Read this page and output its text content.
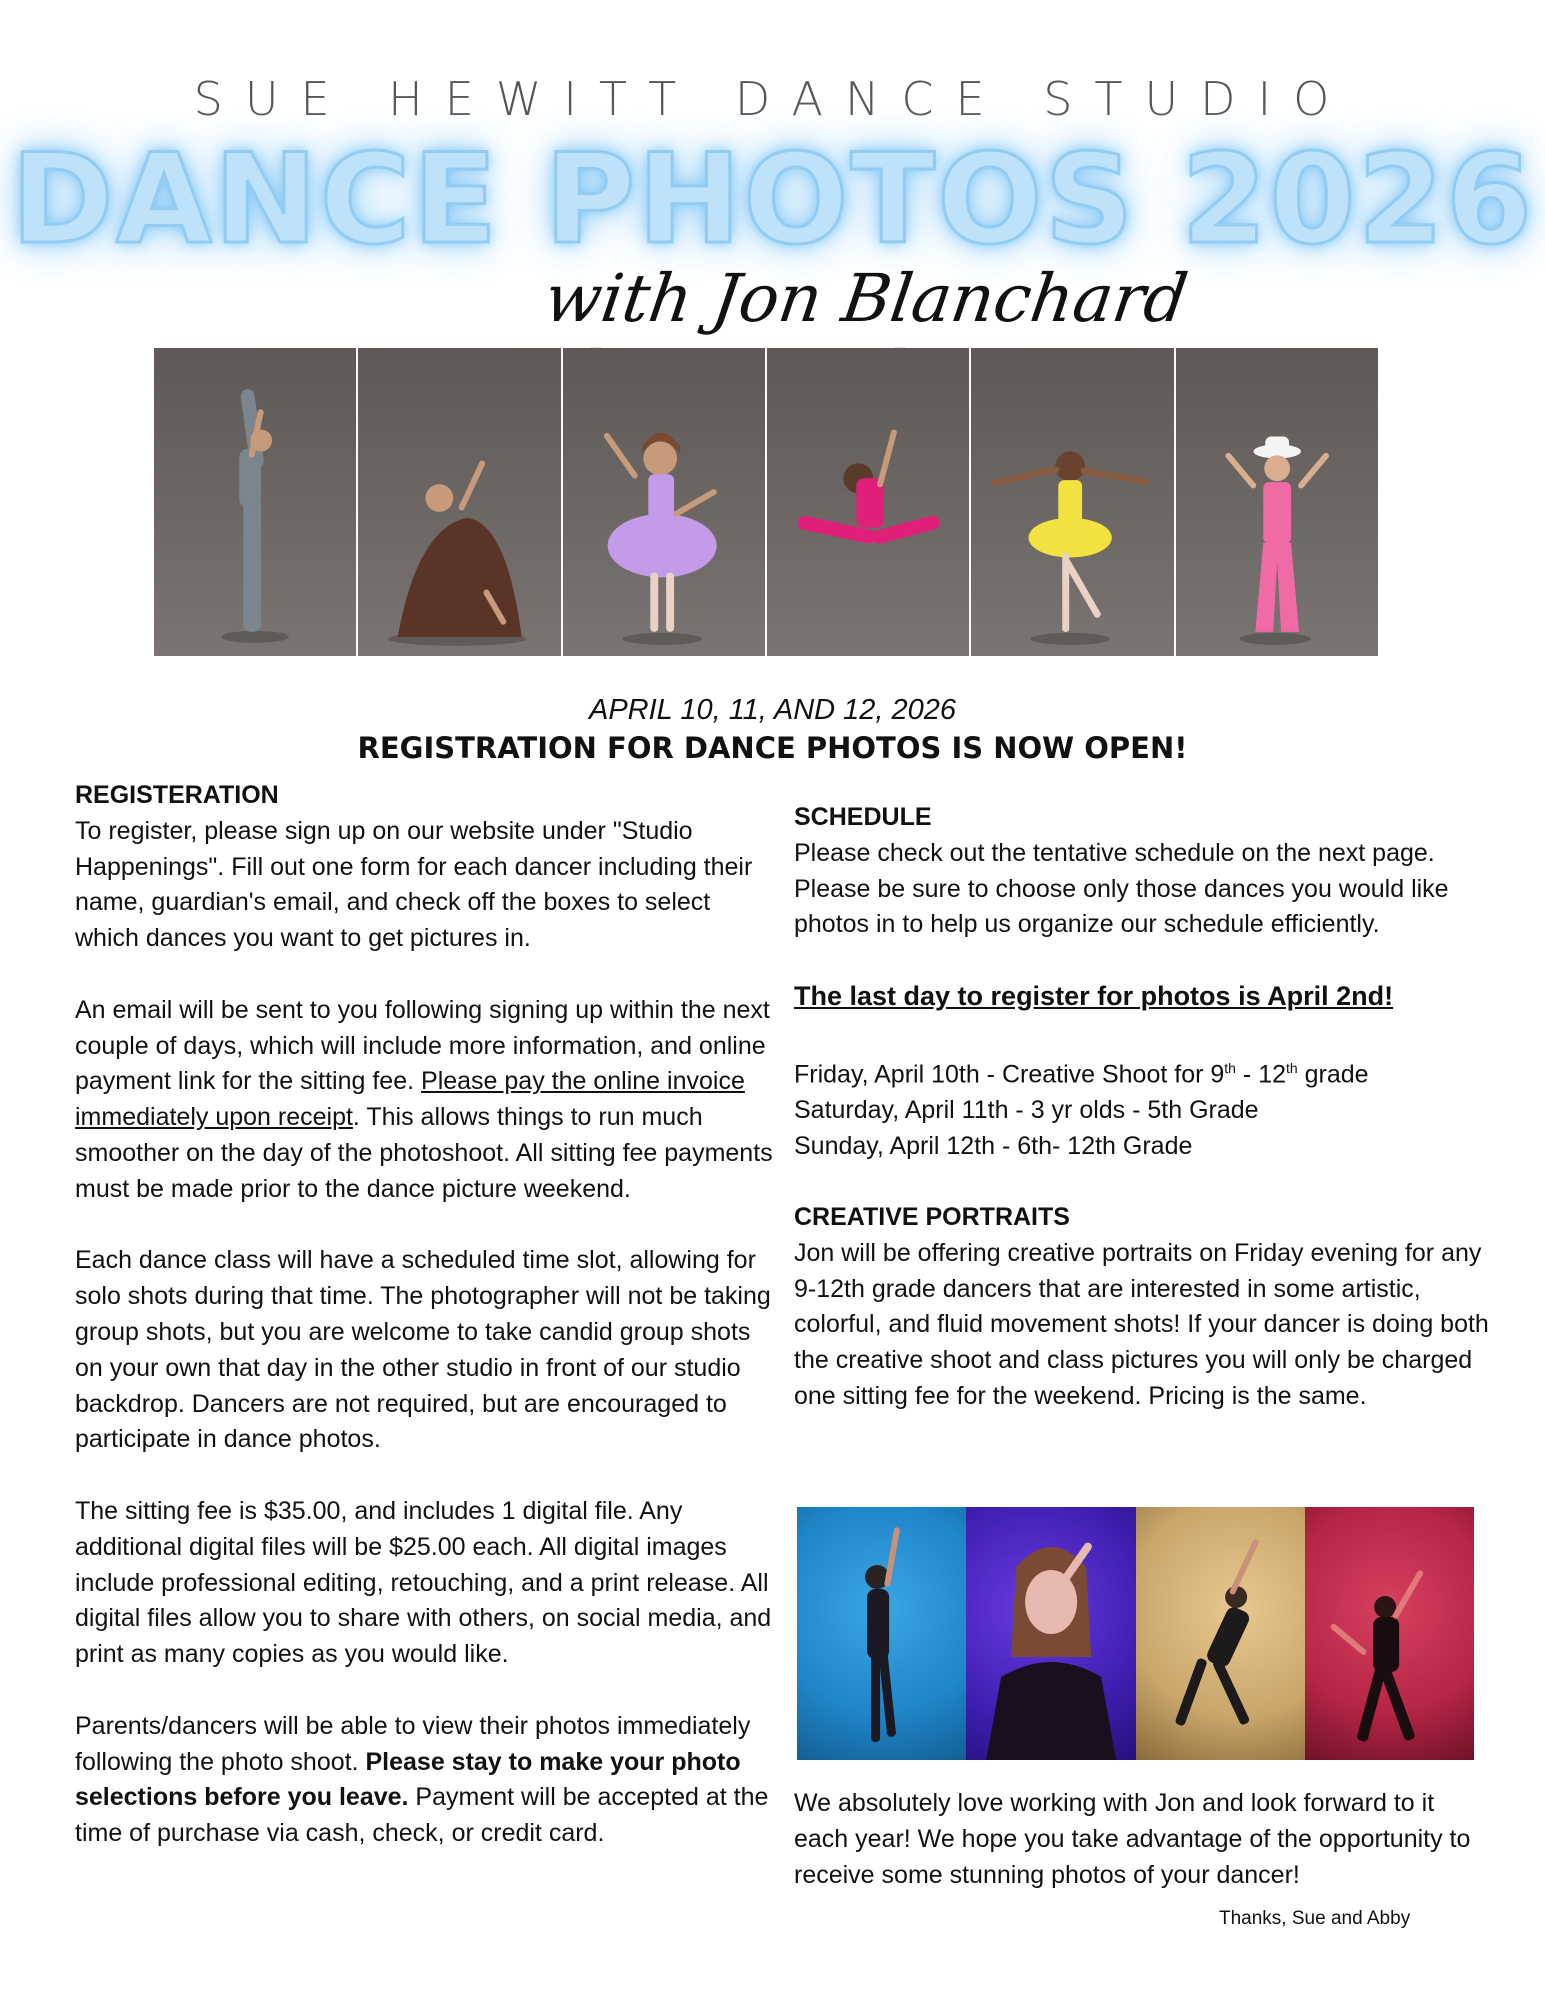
SUE HEWITT DANCE STUDIO
DANCE PHOTOS 2026
with Jon Blanchard
APRIL 10, 11, AND 12, 2026
REGISTRATION FOR DANCE PHOTOS IS NOW OPEN!

REGISTERATION

To register, please sign up on our website under "Studio Happenings". Fill out one form for each dancer including their name, guardian's email, and check off the boxes to select which dances you want to get pictures in.

An email will be sent to you following signing up within the next couple of days, which will include more information, and online payment link for the sitting fee. Please pay the online invoice immediately upon receipt. This allows things to run much smoother on the day of the photoshoot. All sitting fee payments must be made prior to the dance picture weekend.

Each dance class will have a scheduled time slot, allowing for solo shots during that time. The photographer will not be taking group shots, but you are welcome to take candid group shots on your own that day in the other studio in front of our studio backdrop. Dancers are not required, but are encouraged to participate in dance photos.

The sitting fee is $35.00, and includes 1 digital file. Any additional digital files will be $25.00 each. All digital images include professional editing, retouching, and a print release. All digital files allow you to share with others, on social media, and print as many copies as you would like.

Parents/dancers will be able to view their photos immediately following the photo shoot. Please stay to make your photo selections before you leave. Payment will be accepted at the time of purchase via cash, check, or credit card.

SCHEDULE

Please check out the tentative schedule on the next page. Please be sure to choose only those dances you would like photos in to help us organize our schedule efficiently.

The last day to register for photos is April 2nd!

Friday, April 10th - Creative Shoot for 9th - 12th grade

Saturday, April 11th - 3 yr olds - 5th Grade

Sunday, April 12th - 6th- 12th Grade

CREATIVE PORTRAITS

Jon will be offering creative portraits on Friday evening for any 9-12th grade dancers that are interested in some artistic, colorful, and fluid movement shots! If your dancer is doing both the creative shoot and class pictures you will only be charged one sitting fee for the weekend. Pricing is the same.

We absolutely love working with Jon and look forward to it each year! We hope you take advantage of the opportunity to receive some stunning photos of your dancer!

Thanks, Sue and Abby
